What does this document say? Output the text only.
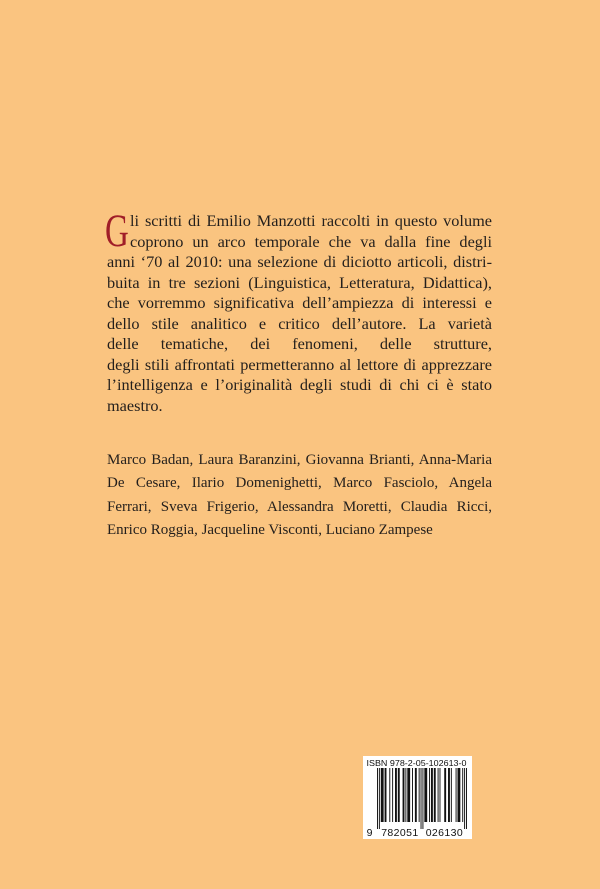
G li scritti di Emilio Manzotti raccolti in questo volume
coprono un arco temporale che va dalla fine degli
anni ‘70 al 2010: una selezione di diciotto articoli, distri-
buita in tre sezioni (Linguistica, Letteratura, Didattica),
che vorremmo significativa dell’ampiezza di interessi e
dello stile analitico e critico dell’autore. La varietà
delle tematiche, dei fenomeni, delle strutture,
degli stili affrontati permetteranno al lettore di apprezzare
l’intelligenza e l’originalità degli studi di chi ci è stato
maestro.
Marco Badan, Laura Baranzini, Giovanna Brianti, Anna-Maria
De Cesare, Ilario Domenighetti, Marco Fasciolo, Angela
Ferrari, Sveva Frigerio, Alessandra Moretti, Claudia Ricci,
Enrico Roggia, Jacqueline Visconti, Luciano Zampese
ISBN 978-2-05-102613-0
9 782051 026130
